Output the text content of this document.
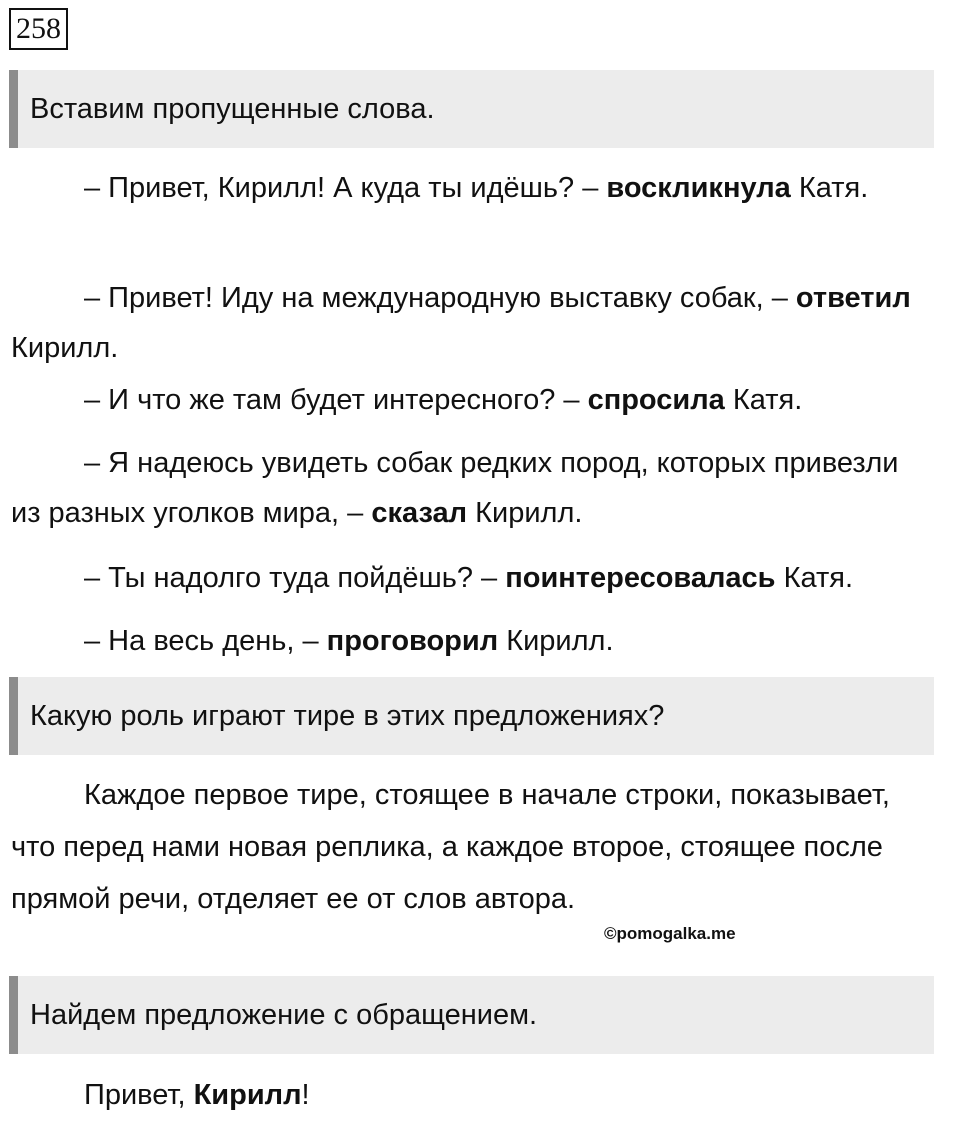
258
Вставим пропущенные слова.

– Привет, Кирилл! А куда ты идёшь? – воскликнула Катя.

– Привет! Иду на международную выставку собак, – ответил Кирилл.

– И что же там будет интересного? – спросила Катя.

– Я надеюсь увидеть собак редких пород, которых привезли из разных уголков мира, – сказал Кирилл.

– Ты надолго туда пойдёшь? – поинтересовалась Катя.

– На весь день, – проговорил Кирилл.

Какую роль играют тире в этих предложениях?

Каждое первое тире, стоящее в начале строки, показывает, что перед нами новая реплика, а каждое второе, стоящее после прямой речи, отделяет ее от слов автора.

©pomogalka.me
Найдем предложение с обращением.

Привет, Кирилл!
